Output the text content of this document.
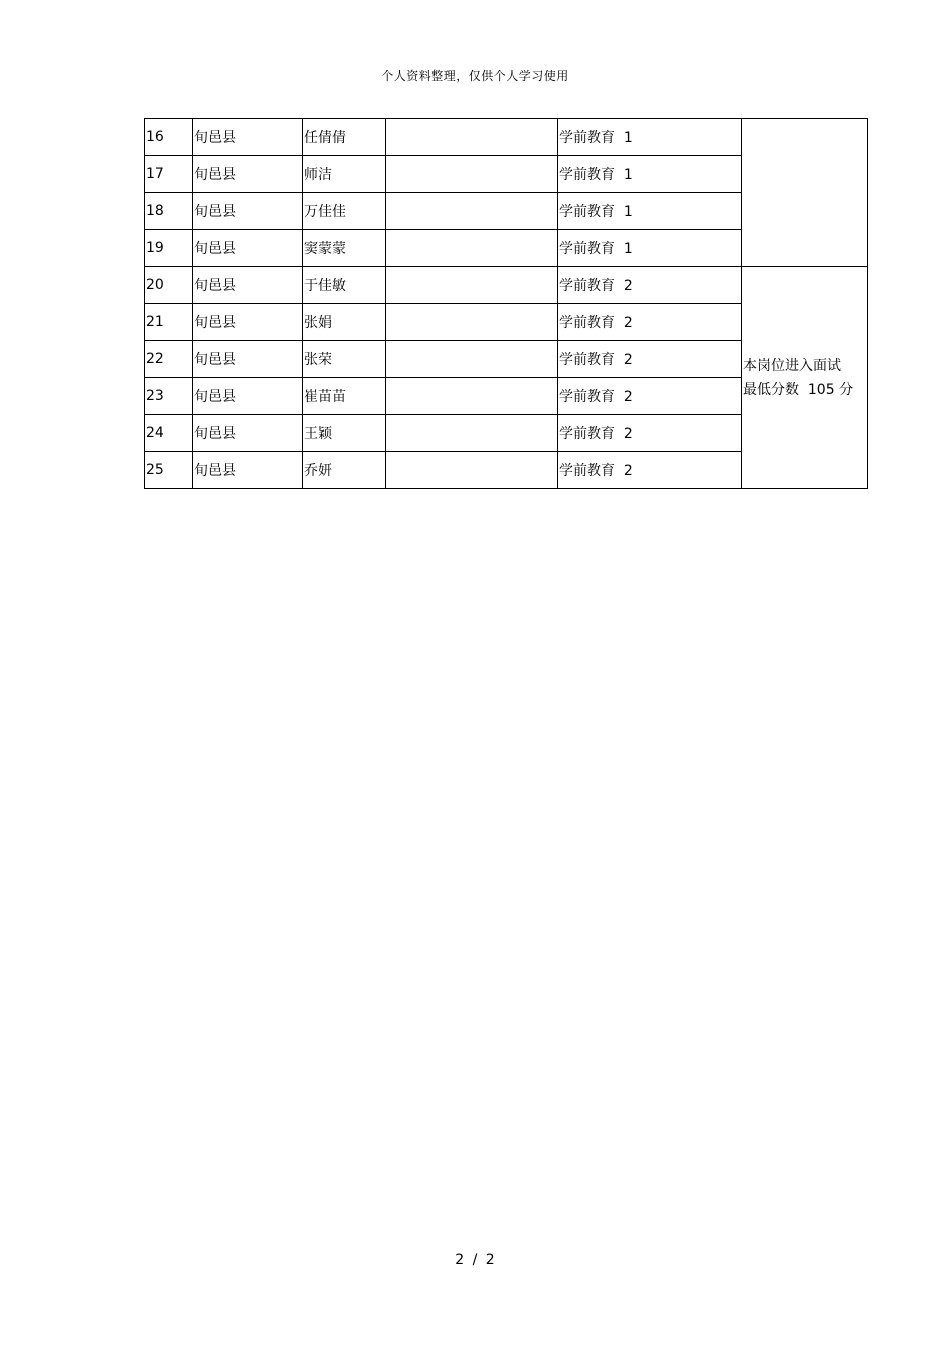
个人资料整理，仅供个人学习使用
16	旬邑县	任倩倩		学前教育  1	
17	旬邑县	师洁		学前教育  1	
18	旬邑县	万佳佳		学前教育  1	
19	旬邑县	窦蒙蒙		学前教育  1	
20	旬邑县	于佳敏		学前教育  2	本岗位进入面试
最低分数  105 分

21	旬邑县	张娟		学前教育  2	
22	旬邑县	张荣		学前教育  2	
23	旬邑县	崔苗苗		学前教育  2	
24	旬邑县	王颖		学前教育  2	
25	旬邑县	乔妍		学前教育  2	
2 / 2
